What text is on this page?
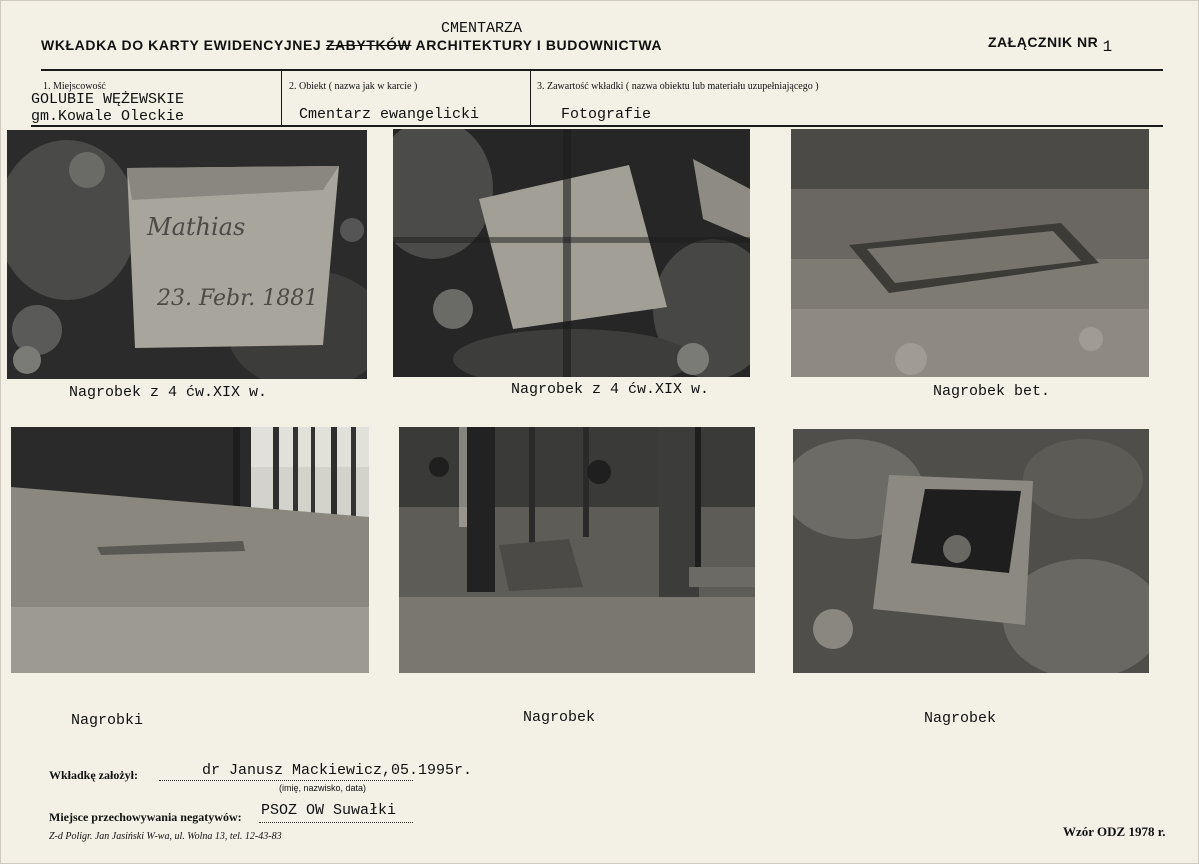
CMENTARZA
WKŁADKA DO KARTY EWIDENCYJNEJ ZABYTKÓW ARCHITEKTURY I BUDOWNICTWA	ZAŁĄCZNIK NR 1
1. Miejscowość
GOLUBIE WĘŻEWSKIE
gm.Kowale Oleckie
2. Obiekt ( nazwa jak w karcie )
Cmentarz ewangelicki
3. Zawartość wkładki ( nazwa obiektu lub materiału uzupełniającego )
Fotografie
Mathias
23. Febr. 1881
Nagrobek z 4 ćw.XIX w.	Nagrobek z 4 ćw.XIX w.	Nagrobek bet.
Nagrobki	Nagrobek	Nagrobek
Wkładkę założył:	dr Janusz Mackiewicz,05.1995r.
(imię, nazwisko, data)
Miejsce przechowywania negatywów: PSOZ OW Suwałki
Z-d Poligr. Jan Jasiński W-wa, ul. Wolna 13, tel. 12-43-83	Wzór ODZ 1978 r.
